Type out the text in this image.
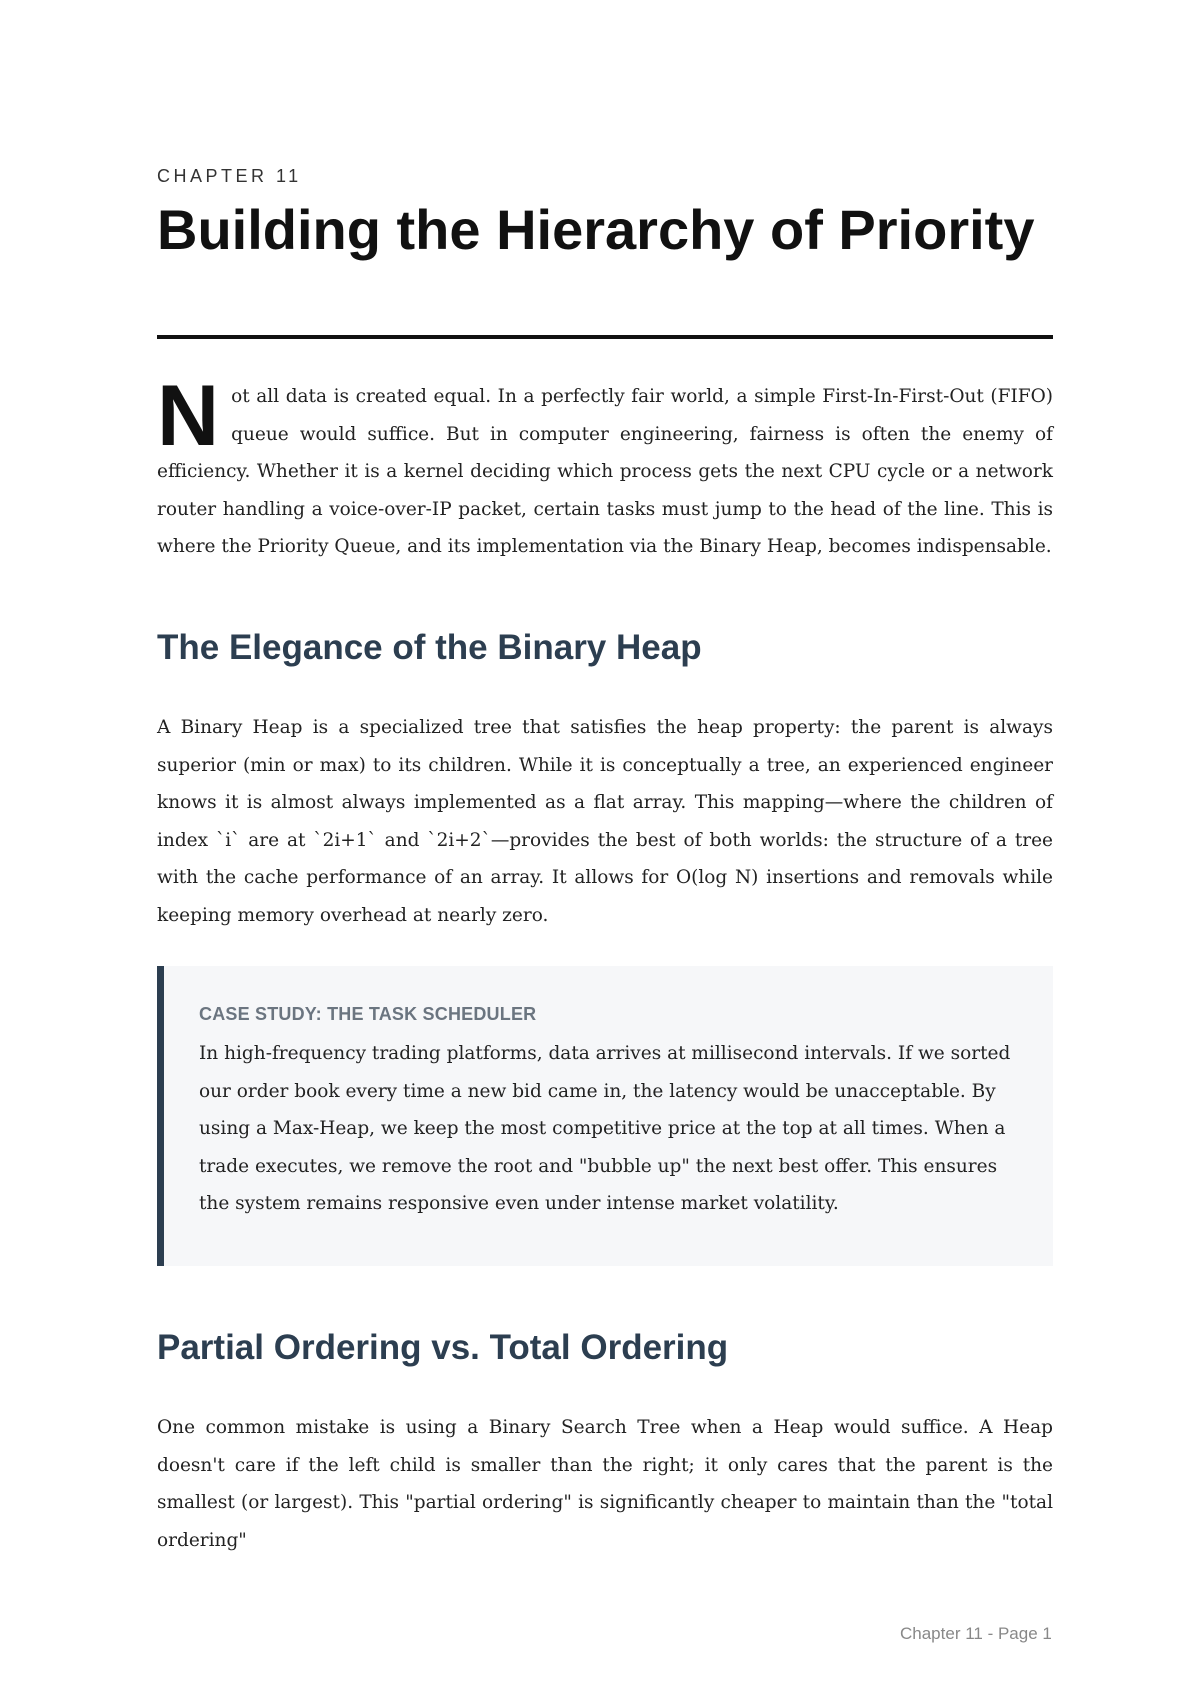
CHAPTER 11
Building the Hierarchy of Priority

Not all data is created equal. In a perfectly fair world, a simple First-In-First-Out (FIFO) queue would suffice. But in computer engineering, fairness is often the enemy of efficiency. Whether it is a kernel deciding which process gets the next CPU cycle or a network router handling a voice-over-IP packet, certain tasks must jump to the head of the line. This is where the Priority Queue, and its implementation via the Binary Heap, becomes indispensable.

The Elegance of the Binary Heap

A Binary Heap is a specialized tree that satisfies the heap property: the parent is always superior (min or max) to its children. While it is conceptually a tree, an experienced engineer knows it is almost always implemented as a flat array. This mapping—where the children of index `i` are at `2i+1` and `2i+2`—provides the best of both worlds: the structure of a tree with the cache performance of an array. It allows for O(log N) insertions and removals while keeping memory overhead at nearly zero.

CASE STUDY: THE TASK SCHEDULER

In high-frequency trading platforms, data arrives at millisecond intervals. If we sorted our order book every time a new bid came in, the latency would be unacceptable. By using a Max-Heap, we keep the most competitive price at the top at all times. When a trade executes, we remove the root and "bubble up" the next best offer. This ensures the system remains responsive even under intense market volatility.

Partial Ordering vs. Total Ordering

One common mistake is using a Binary Search Tree when a Heap would suffice. A Heap doesn't care if the left child is smaller than the right; it only cares that the parent is the smallest (or largest). This "partial ordering" is significantly cheaper to maintain than the "total ordering"

Chapter 11 - Page 1
